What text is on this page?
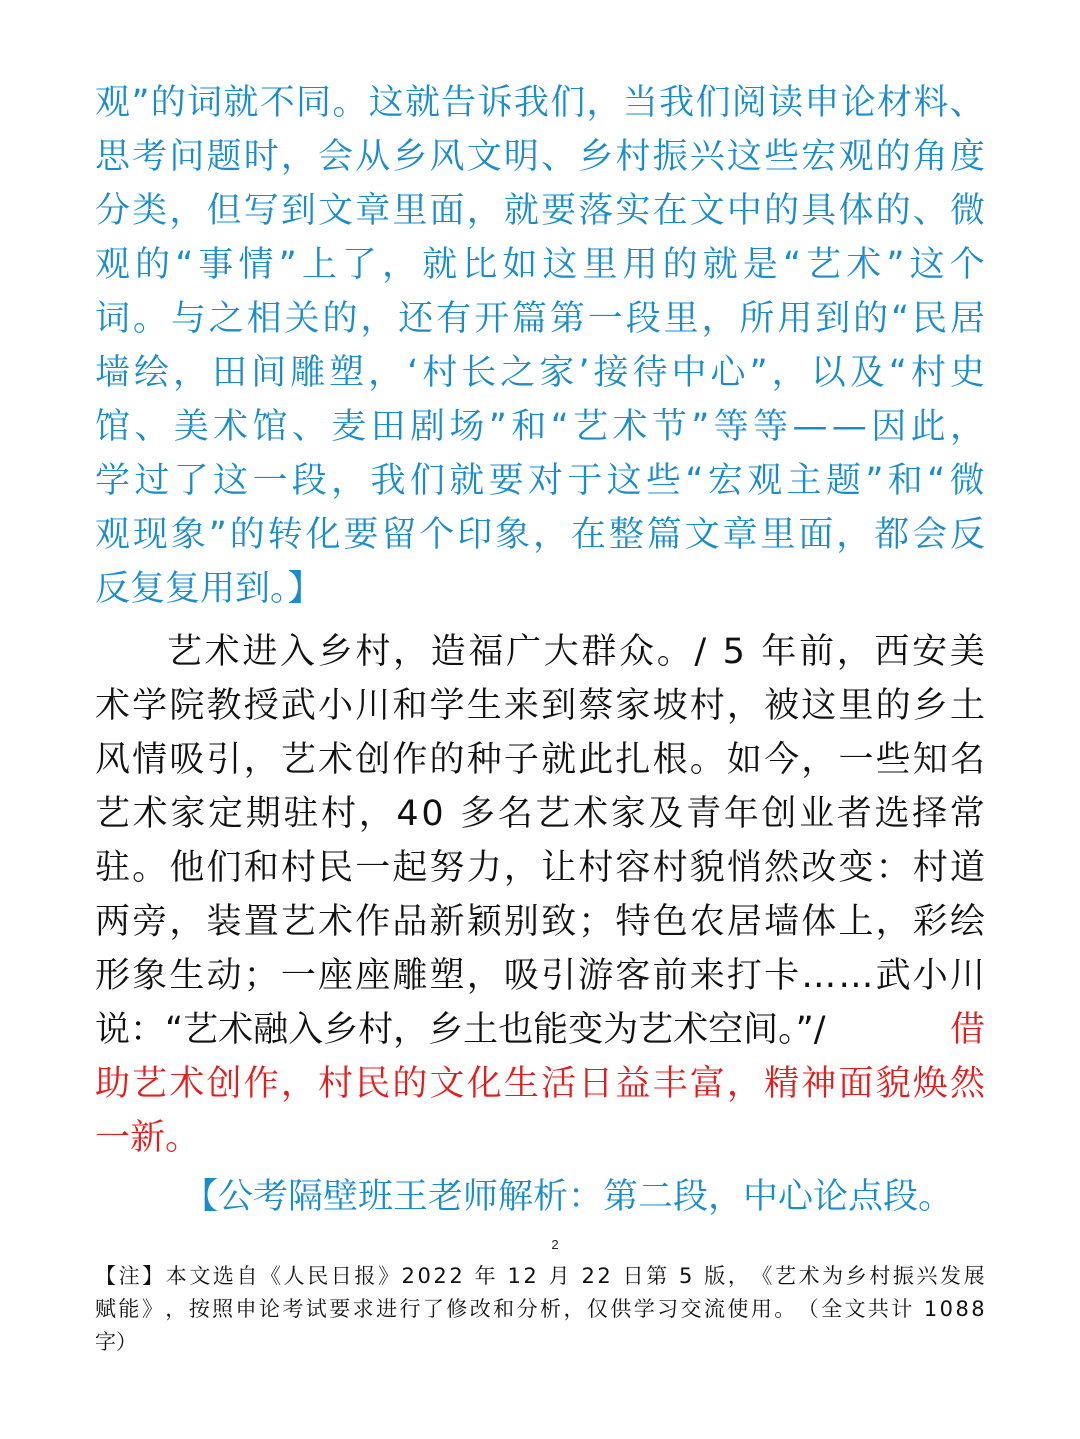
观 ” 的 词 就 不 同 。 这 就 告 诉 我 们 ， 当 我 们 阅 读 申 论 材 料 、
思 考 问 题 时 ， 会 从 乡 风 文 明 、 乡 村 振 兴 这 些 宏 观 的 角 度
分 类 ， 但 写 到 文 章 里 面 ， 就 要 落 实 在 文 中 的 具 体 的 、 微
观 的 “ 事 情 ” 上 了 ， 就 比 如 这 里 用 的 就 是 “ 艺 术 ” 这 个
词 。 与 之 相 关 的 ， 还 有 开 篇 第 一 段 里 ， 所 用 到 的 “ 民 居
墙 绘 ， 田 间 雕 塑 ， ‘ 村 长 之 家 ’ 接 待 中 心 ” ， 以 及 “ 村 史
馆 、 美 术 馆 、 麦 田 剧 场 ” 和 “ 艺 术 节 ” 等 等 — — 因 此 ，
学 过 了 这 一 段 ， 我 们 就 要 对 于 这 些 “ 宏 观 主 题 ” 和 “ 微
观 现 象 ” 的 转 化 要 留 个 印 象 ， 在 整 篇 文 章 里 面 ， 都 会 反
反复复用到。】
艺 术 进 入 乡 村 ， 造 福 广 大 群 众 。 /
5
年 前 ， 西 安 美
术 学 院 教 授 武 小 川 和 学 生 来 到 蔡 家 坡 村 ， 被 这 里 的 乡 土
风 情 吸 引 ， 艺 术 创 作 的 种 子 就 此 扎 根 。 如 今 ， 一 些 知 名
艺 术 家 定 期 驻 村 ， 4 0
多 名 艺 术 家 及 青 年 创 业 者 选 择 常
驻 。 他 们 和 村 民 一 起 努 力 ， 让 村 容 村 貌 悄 然 改 变 ： 村 道
两 旁 ， 装 置 艺 术 作 品 新 颖 别 致 ； 特 色 农 居 墙 体 上 ， 彩 绘
形 象 生 动 ； 一 座 座 雕 塑 ， 吸 引 游 客 前 来 打 卡 … … 武 小 川
说：“艺术融入乡村，乡土也能变为艺术空间。”/	借
助 艺 术 创 作 ， 村 民 的 文 化 生 活 日 益 丰 富 ， 精 神 面 貌 焕 然
一新。
【公考隔壁班王老师解析：第二段，中心论点段。
2
【 注 】 本 文 选 自 《 人 民 日 报 》 2 0 2 2
年
1 2
月
2 2
日 第
5
版 ， 《 艺 术 为 乡 村 振 兴 发 展
赋 能 》 ， 按 照 申 论 考 试 要 求 进 行 了 修 改 和 分 析 ， 仅 供 学 习 交 流 使 用 。 （ 全 文 共 计
1 0 8 8
字）
